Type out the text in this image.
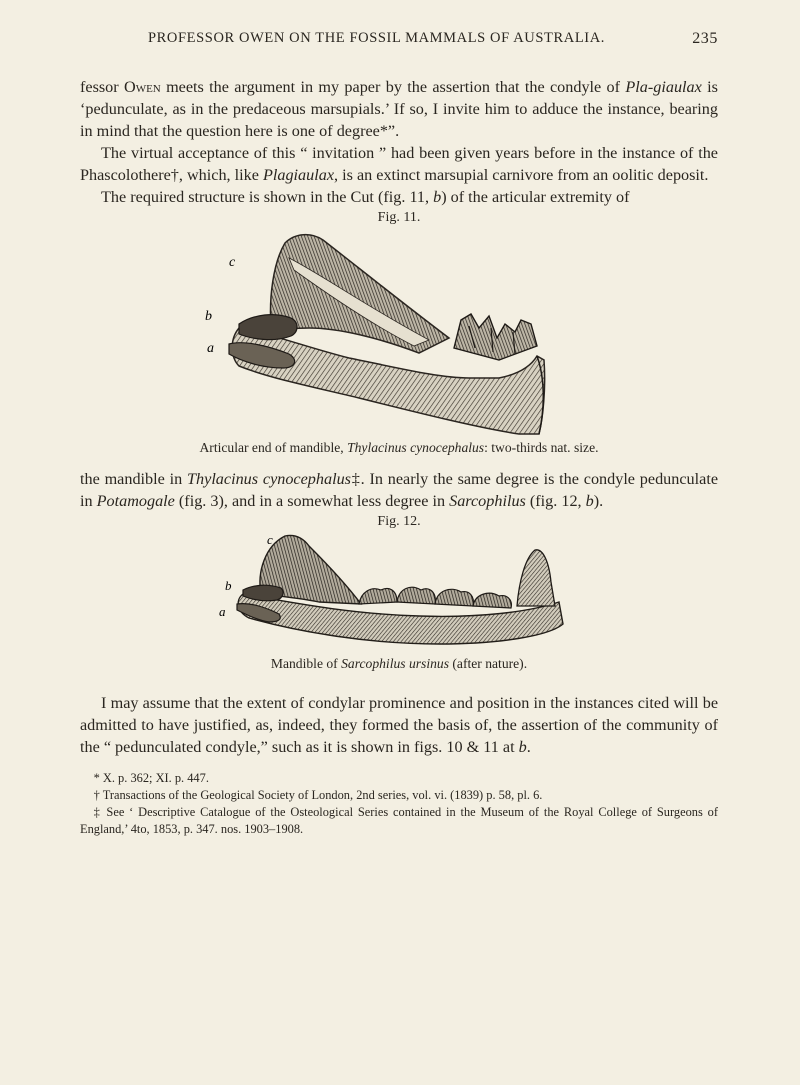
PROFESSOR OWEN ON THE FOSSIL MAMMALS OF AUSTRALIA.	235

fessor Owen meets the argument in my paper by the assertion that the condyle of Pla-giaulax is ‘pedunculate, as in the predaceous marsupials.’ If so, I invite him to adduce the instance, bearing in mind that the question here is one of degree*”.

The virtual acceptance of this “ invitation ” had been given years before in the instance of the Phascolothere†, which, like Plagiaulax, is an extinct marsupial carnivore from an oolitic deposit.

The required structure is shown in the Cut (fig. 11, b) of the articular extremity of

Fig. 11.
c
b
a
Articular end of mandible, Thylacinus cynocephalus: two-thirds nat. size.

the mandible in Thylacinus cynocephalus‡. In nearly the same degree is the condyle pedunculate in Potamogale (fig. 3), and in a somewhat less degree in Sarcophilus (fig. 12, b).

Fig. 12.
c
b
a
Mandible of Sarcophilus ursinus (after nature).

I may assume that the extent of condylar prominence and position in the instances cited will be admitted to have justified, as, indeed, they formed the basis of, the assertion of the community of the “ pedunculated condyle,” such as it is shown in figs. 10 & 11 at b.

* X. p. 362; XI. p. 447.

† Transactions of the Geological Society of London, 2nd series, vol. vi. (1839) p. 58, pl. 6.

‡ See ‘ Descriptive Catalogue of the Osteological Series contained in the Museum of the Royal College of Surgeons of England,’ 4to, 1853, p. 347. nos. 1903–1908.
